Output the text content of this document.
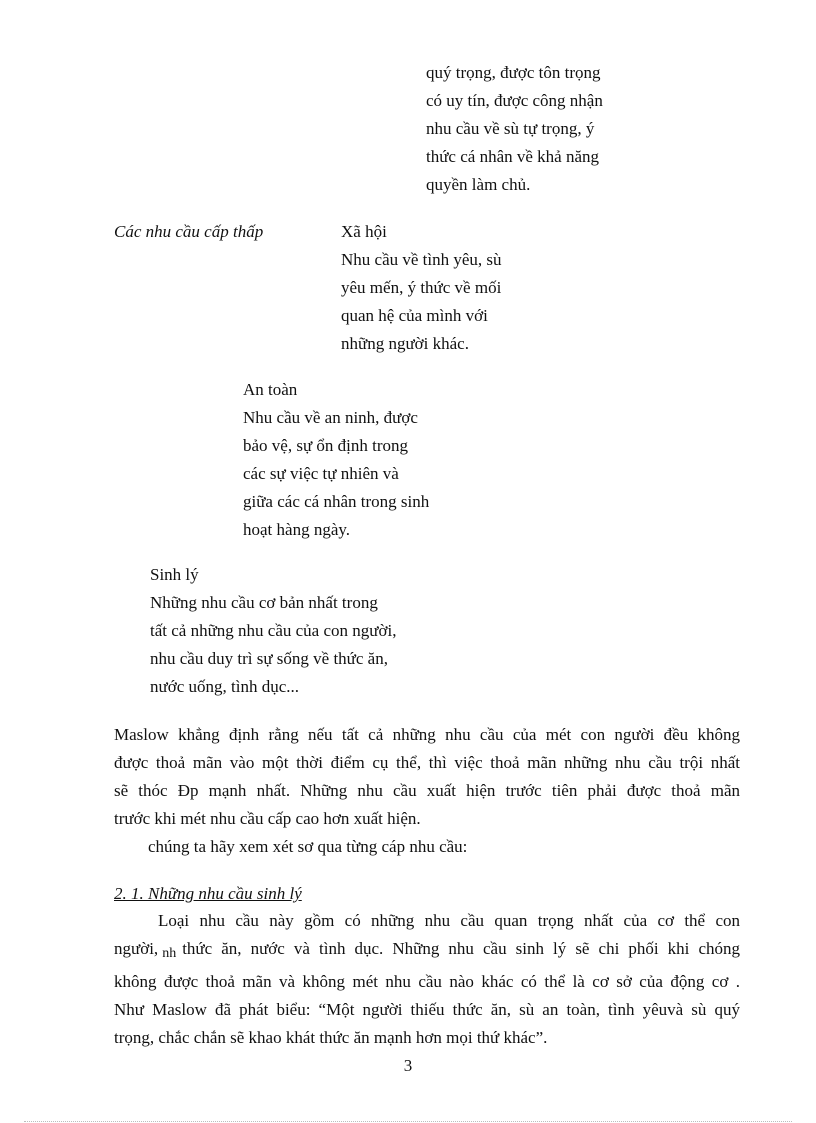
quý trọng, được tôn trọng
có uy tín, được công nhận
nhu cầu về sù tự trọng, ý
thức cá nhân về khả năng
quyền làm chủ.
Các nhu cầu cấp thấp	Xã hội
Nhu cầu về tình yêu, sù
yêu mến, ý thức về mối
quan hệ của mình với
những người khác.
An toàn
Nhu cầu về an ninh, được
bảo vệ, sự ổn định trong
các sự việc tự nhiên và
giữa các cá nhân trong sinh
hoạt hàng ngày.
Sinh lý
Những nhu cầu cơ bản nhất trong
tất cả những nhu cầu của con người,
nhu cầu duy trì sự sống về thức ăn,
nước uống, tình dục...
Maslow khẳng định rằng nếu tất cả những nhu cầu của mét con người đều không
được thoả mãn vào một thời điểm cụ thể, thì việc thoả mãn những nhu cầu trội nhất
sẽ thóc Đp mạnh nhất. Những nhu cầu xuất hiện trước tiên phải được thoả mãn
trước khi mét nhu cầu cấp cao hơn xuất hiện.
chúng ta hãy xem xét sơ qua từng cáp nhu cầu:
2. 1. Những nhu cầu sinh lý
Loại nhu cầu này gồm có những nhu cầu quan trọng nhất của cơ thể con
người, nh thức ăn, nước và tình dục. Những nhu cầu sinh lý sẽ chi phối khi chóng
không được thoả mãn và không mét nhu cầu nào khác có thể là cơ sở của động cơ .
Như Maslow đã phát biểu: “Một người thiếu thức ăn, sù an toàn, tình yêuvà sù quý
trọng, chắc chắn sẽ khao khát thức ăn mạnh hơn mọi thứ khác”.
3
